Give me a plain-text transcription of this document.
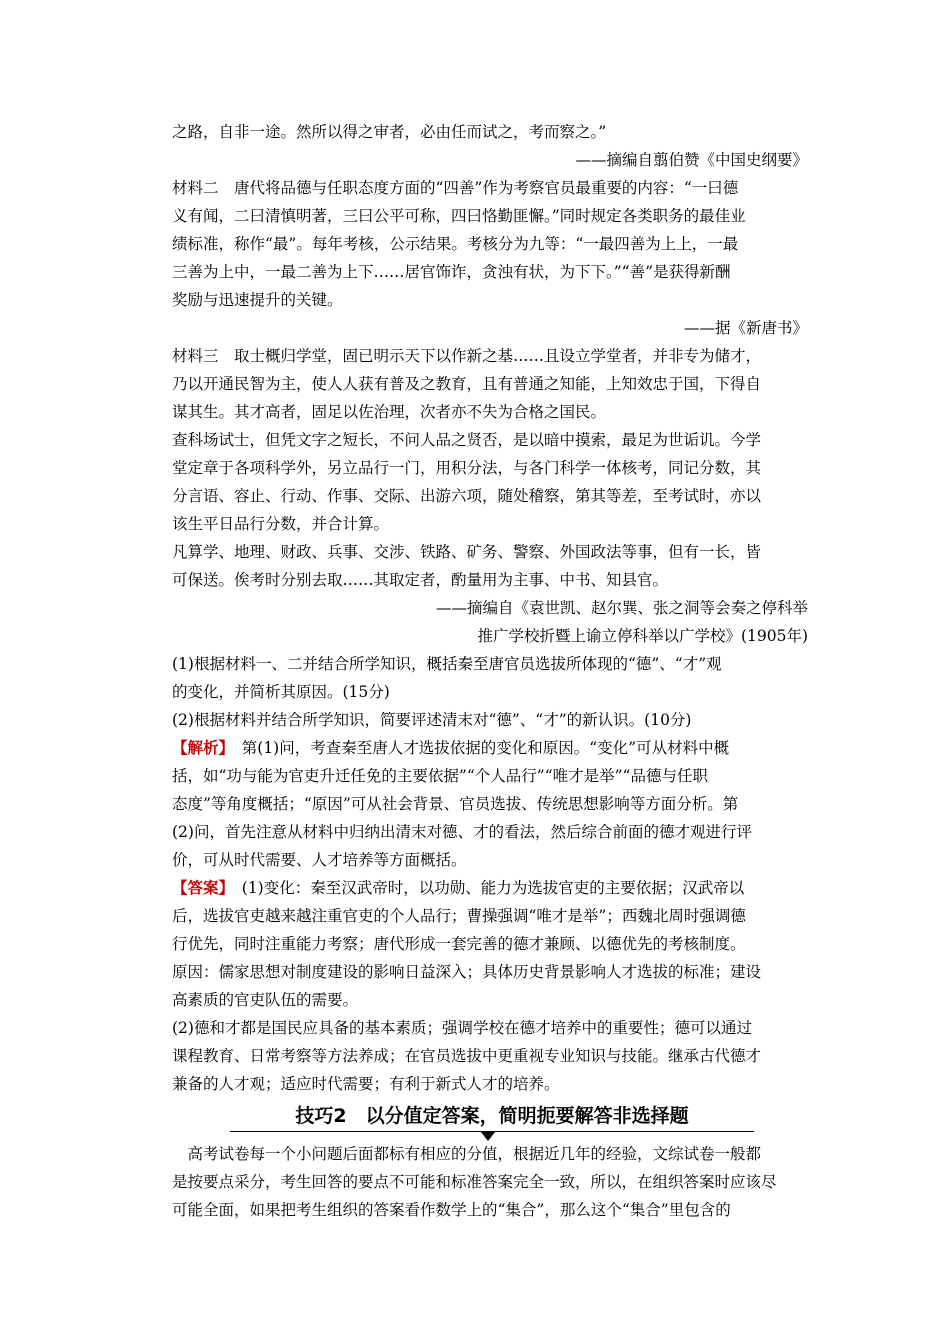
之路，自非一途。然所以得之审者，必由任而试之，考而察之。”
——摘编自翦伯赞《中国史纲要》
材料二　唐代将品德与任职态度方面的“四善”作为考察官员最重要的内容：“一曰德
义有闻，二曰清慎明著，三曰公平可称，四曰恪勤匪懈。”同时规定各类职务的最佳业
绩标准，称作“最”。每年考核，公示结果。考核分为九等：“一最四善为上上，一最
三善为上中，一最二善为上下……居官饰诈，贪浊有状，为下下。”“善”是获得新酬
奖励与迅速提升的关键。
——据《新唐书》
材料三　取士概归学堂，固已明示天下以作新之基……且设立学堂者，并非专为储才，
乃以开通民智为主，使人人获有普及之教育，且有普通之知能，上知效忠于国，下得自
谋其生。其才高者，固足以佐治理，次者亦不失为合格之国民。
查科场试士，但凭文字之短长，不问人品之贤否，是以暗中摸索，最足为世诟讥。今学
堂定章于各项科学外，另立品行一门，用积分法，与各门科学一体核考，同记分数，其
分言语、容止、行动、作事、交际、出游六项，随处稽察，第其等差，至考试时，亦以
该生平日品行分数，并合计算。
凡算学、地理、财政、兵事、交涉、铁路、矿务、警察、外国政法等事，但有一长，皆
可保送。俟考时分别去取……其取定者，酌量用为主事、中书、知县官。
——摘编自《袁世凯、赵尔巽、张之洞等会奏之停科举
推广学校折暨上谕立停科举以广学校》(1905年)
(1)根据材料一、二并结合所学知识，概括秦至唐官员选拔所体现的“德”、“才”观
的变化，并简析其原因。(15分)
(2)根据材料并结合所学知识，简要评述清末对“德”、“才”的新认识。(10分)
【解析】　第(1)问，考查秦至唐人才选拔依据的变化和原因。“变化”可从材料中概
括，如“功与能为官吏升迁任免的主要依据”“个人品行”“唯才是举”“品德与任职
态度”等角度概括；“原因”可从社会背景、官员选拔、传统思想影响等方面分析。第
(2)问，首先注意从材料中归纳出清末对德、才的看法，然后综合前面的德才观进行评
价，可从时代需要、人才培养等方面概括。
【答案】　(1)变化：秦至汉武帝时，以功勋、能力为选拔官吏的主要依据；汉武帝以
后，选拔官吏越来越注重官吏的个人品行；曹操强调“唯才是举”；西魏北周时强调德
行优先，同时注重能力考察；唐代形成一套完善的德才兼顾、以德优先的考核制度。
原因：儒家思想对制度建设的影响日益深入；具体历史背景影响人才选拔的标准；建设
高素质的官吏队伍的需要。
(2)德和才都是国民应具备的基本素质；强调学校在德才培养中的重要性；德可以通过
课程教育、日常考察等方法养成；在官员选拔中更重视专业知识与技能。继承古代德才
兼备的人才观；适应时代需要；有利于新式人才的培养。
技巧2　以分值定答案，简明扼要解答非选择题
　高考试卷每一个小问题后面都标有相应的分值，根据近几年的经验，文综试卷一般都
是按要点采分，考生回答的要点不可能和标准答案完全一致，所以，在组织答案时应该尽
可能全面，如果把考生组织的答案看作数学上的“集合”，那么这个“集合”里包含的
